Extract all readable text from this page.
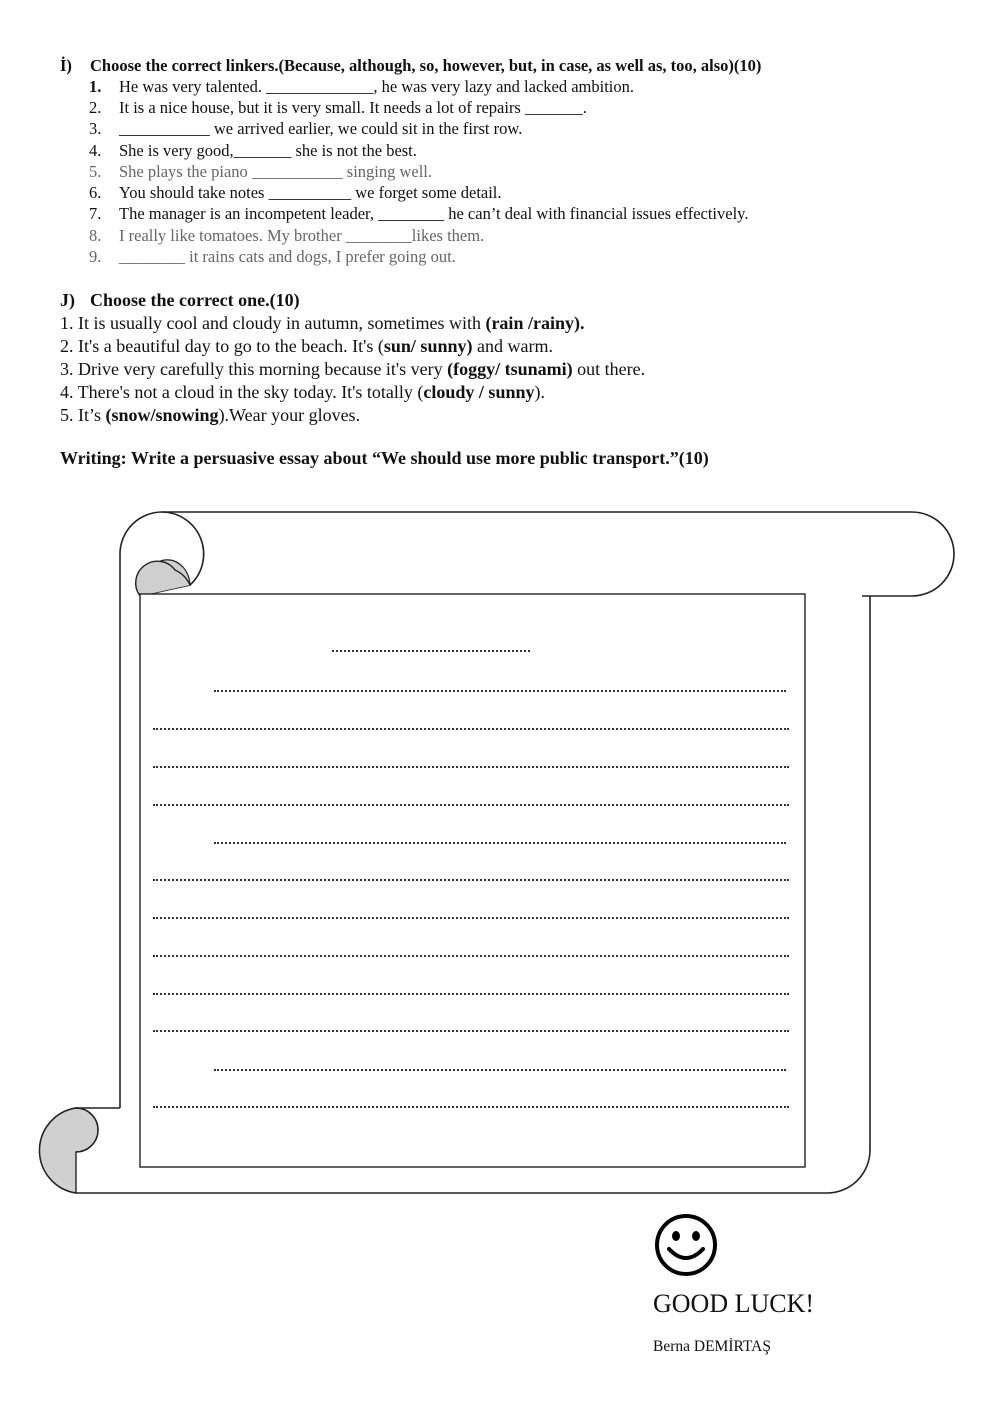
İ) Choose the correct linkers.(Because, although, so, however, but, in case, as well as, too, also)(10)
1. He was very talented. _____________, he was very lazy and lacked ambition.
2. It is a nice house, but it is very small. It needs a lot of repairs _______.
3. ___________ we arrived earlier, we could sit in the first row.
4. She is very good,_______ she is not the best.
5. She plays the piano ___________ singing well.
6. You should take notes __________ we forget some detail.
7. The manager is an incompetent leader, ________ he can’t deal with financial issues effectively.
8. I really like tomatoes. My brother ________likes them.
9. ________ it rains cats and dogs, I prefer going out.
J) Choose the correct one.(10)
1. It is usually cool and cloudy in autumn, sometimes with (rain /rainy).
2. It's a beautiful day to go to the beach. It's (sun/ sunny) and warm.
3. Drive very carefully this morning because it's very (foggy/ tsunami) out there.
4. There's not a cloud in the sky today. It's totally (cloudy / sunny).
5. It’s (snow/snowing).Wear your gloves.
Writing: Write a persuasive essay about “We should use more public transport.”(10)
GOOD LUCK!
Berna DEMİRTAŞ
